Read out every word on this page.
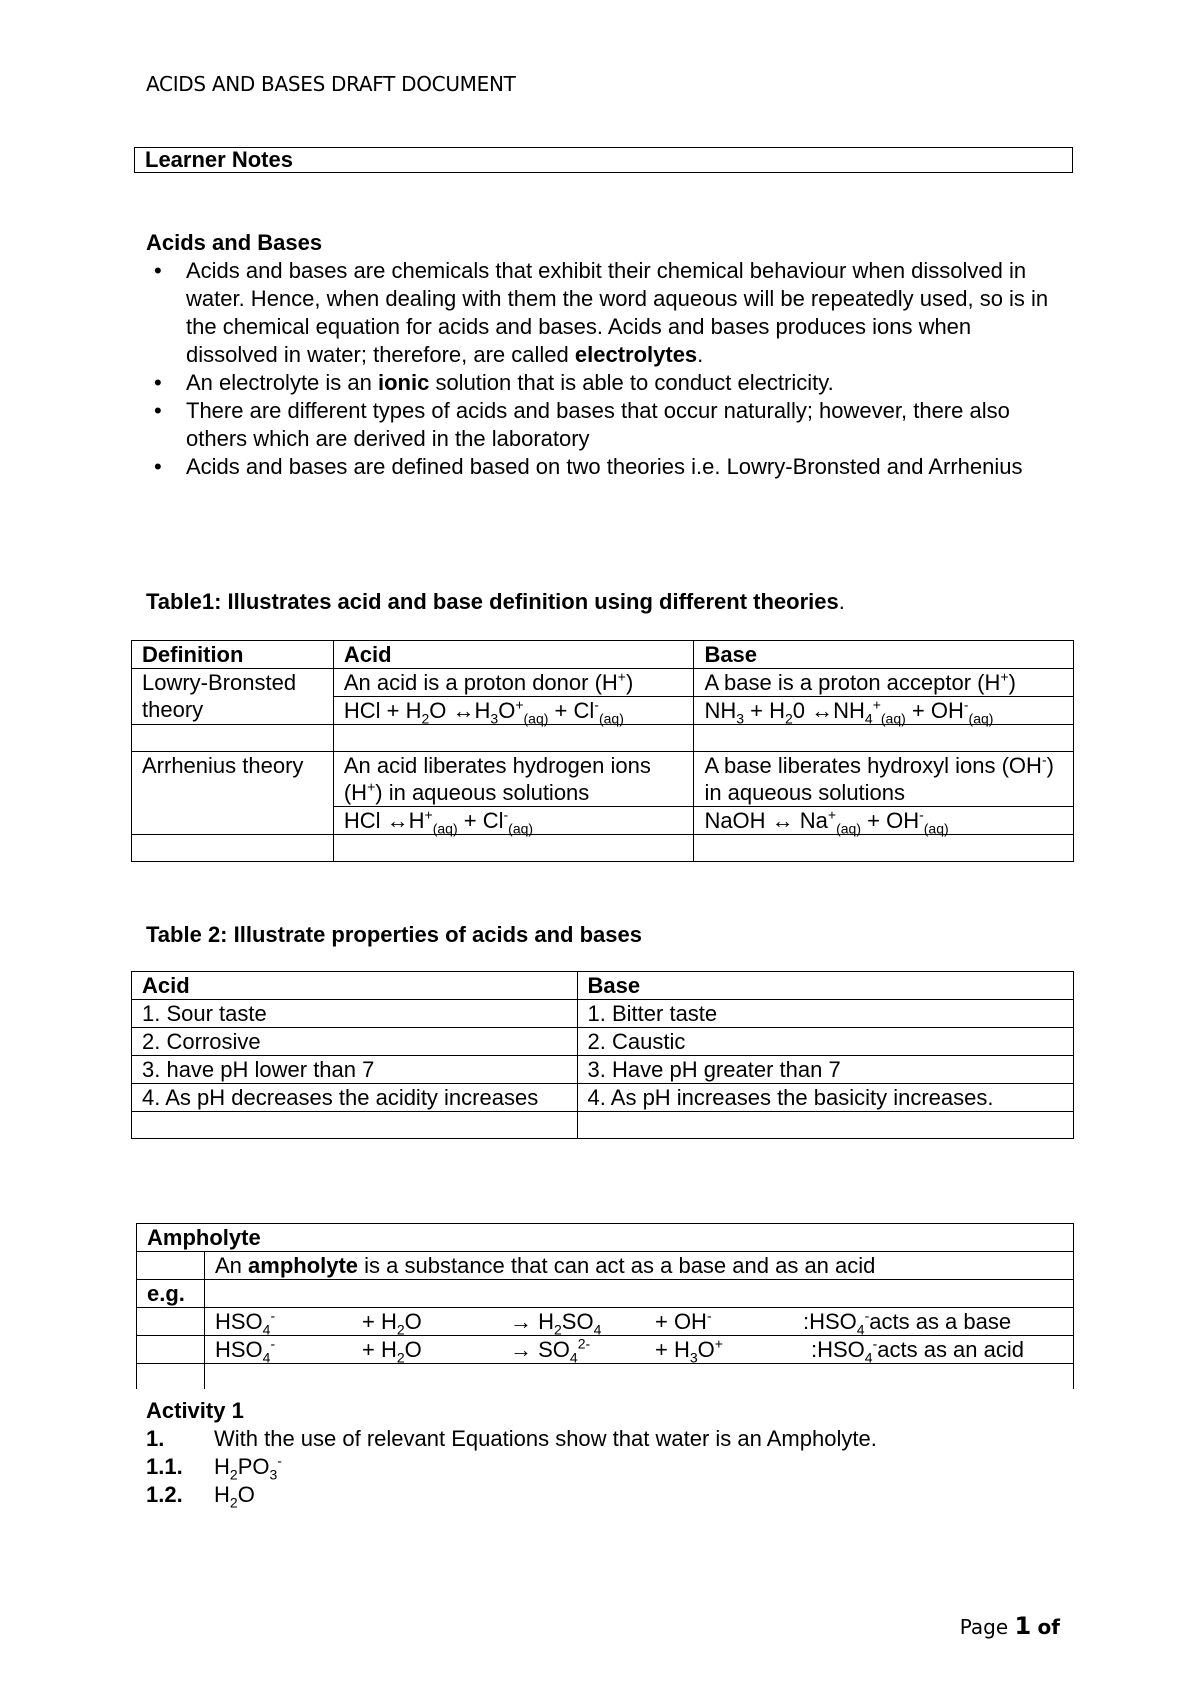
ACIDS AND BASES DRAFT DOCUMENT
Learner Notes
Acids and Bases
• Acids and bases are chemicals that exhibit their chemical behaviour when dissolved in water. Hence, when dealing with them the word aqueous will be repeatedly used, so is in the chemical equation for acids and bases. Acids and bases produces ions when dissolved in water; therefore, are called electrolytes.
• An electrolyte is an ionic solution that is able to conduct electricity.
• There are different types of acids and bases that occur naturally; however, there also others which are derived in the laboratory
• Acids and bases are defined based on two theories i.e. Lowry-Bronsted and Arrhenius
Table1: Illustrates acid and base definition using different theories.
Definition	Acid	Base
Lowry-Bronsted theory	An acid is a proton donor (H+)	A base is a proton acceptor (H+)
	HCl + $H_2O$ $\leftrightarrow H_3O^+_{(aq)} + Cl^-_{(aq)}$	$NH_3 + H_20$ $\leftrightarrow NH_4^+_{(aq)} + OH^-_{(aq)}$

Arrhenius theory	An acid liberates hydrogen ions (H+) in aqueous solutions	A base liberates hydroxyl ions (OH-) in aqueous solutions
	HCl $\leftrightarrow H^+_{(aq)} + Cl^-_{(aq)}$	NaOH ↔ $Na^+_{(aq)} + OH^-_{(aq)}$

Table 2: Illustrate properties of acids and bases
Acid	Base
1. Sour taste	1. Bitter taste
2. Corrosive	2. Caustic
3. have pH lower than 7	3. Have pH greater than 7
4. As pH decreases the acidity increases	4. As pH increases the basicity increases.

Ampholyte	
	An ampholyte is a substance that can act as a base and as an acid
e.g.	
	$HSO_4^- + H_2O \to H_2SO_4 + OH^-$ $:HSO_4^-acts$ as a base
	$HSO_4^- + H_2O \to SO_4^{2-} + H_3O^+$ $:HSO_4^-acts$ as an acid

Activity 1
1. With the use of relevant Equations show that water is an Ampholyte.
1.1. $H_2PO_3^-$
1.2. $H_2O$
Page 1 of
